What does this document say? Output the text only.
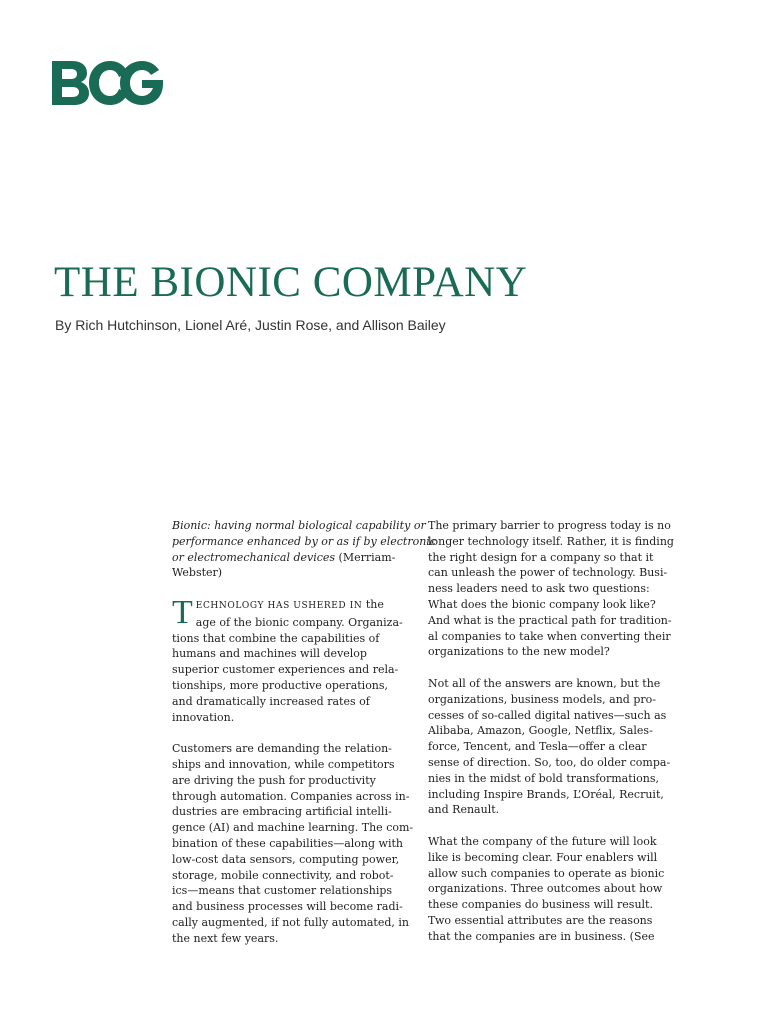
THE BIONIC COMPANY

By Rich Hutchinson, Lionel Aré, Justin Rose, and Allison Bailey

Bionic: having normal biological capability or
performance enhanced by or as if by electronic
or electromechanical devices (Merriam-
Webster)

T ECHNOLOGY HAS USHERED IN the
age of the bionic company. Organiza-
tions that combine the capabilities of
humans and machines will develop
superior customer experiences and rela-
tionships, more productive operations,
and dramatically increased rates of
innovation.

Customers are demanding the relation-
ships and innovation, while competitors
are driving the push for productivity
through automation. Companies across in-
dustries are embracing artificial intelli-
gence (AI) and machine learning. The com-
bination of these capabilities—along with
low-cost data sensors, computing power,
storage, mobile connectivity, and robot-
ics—means that customer relationships
and business processes will become radi-
cally augmented, if not fully automated, in
the next few years.

The primary barrier to progress today is no
longer technology itself. Rather, it is finding
the right design for a company so that it
can unleash the power of technology. Busi-
ness leaders need to ask two questions:
What does the bionic company look like?
And what is the practical path for tradition-
al companies to take when converting their
organizations to the new model?

Not all of the answers are known, but the
organizations, business models, and pro-
cesses of so-called digital natives—such as
Alibaba, Amazon, Google, Netflix, Sales-
force, Tencent, and Tesla—offer a clear
sense of direction. So, too, do older compa-
nies in the midst of bold transformations,
including Inspire Brands, L’Oréal, Recruit,
and Renault.

What the company of the future will look
like is becoming clear. Four enablers will
allow such companies to operate as bionic
organizations. Three outcomes about how
these companies do business will result.
Two essential attributes are the reasons
that the companies are in business. (See
